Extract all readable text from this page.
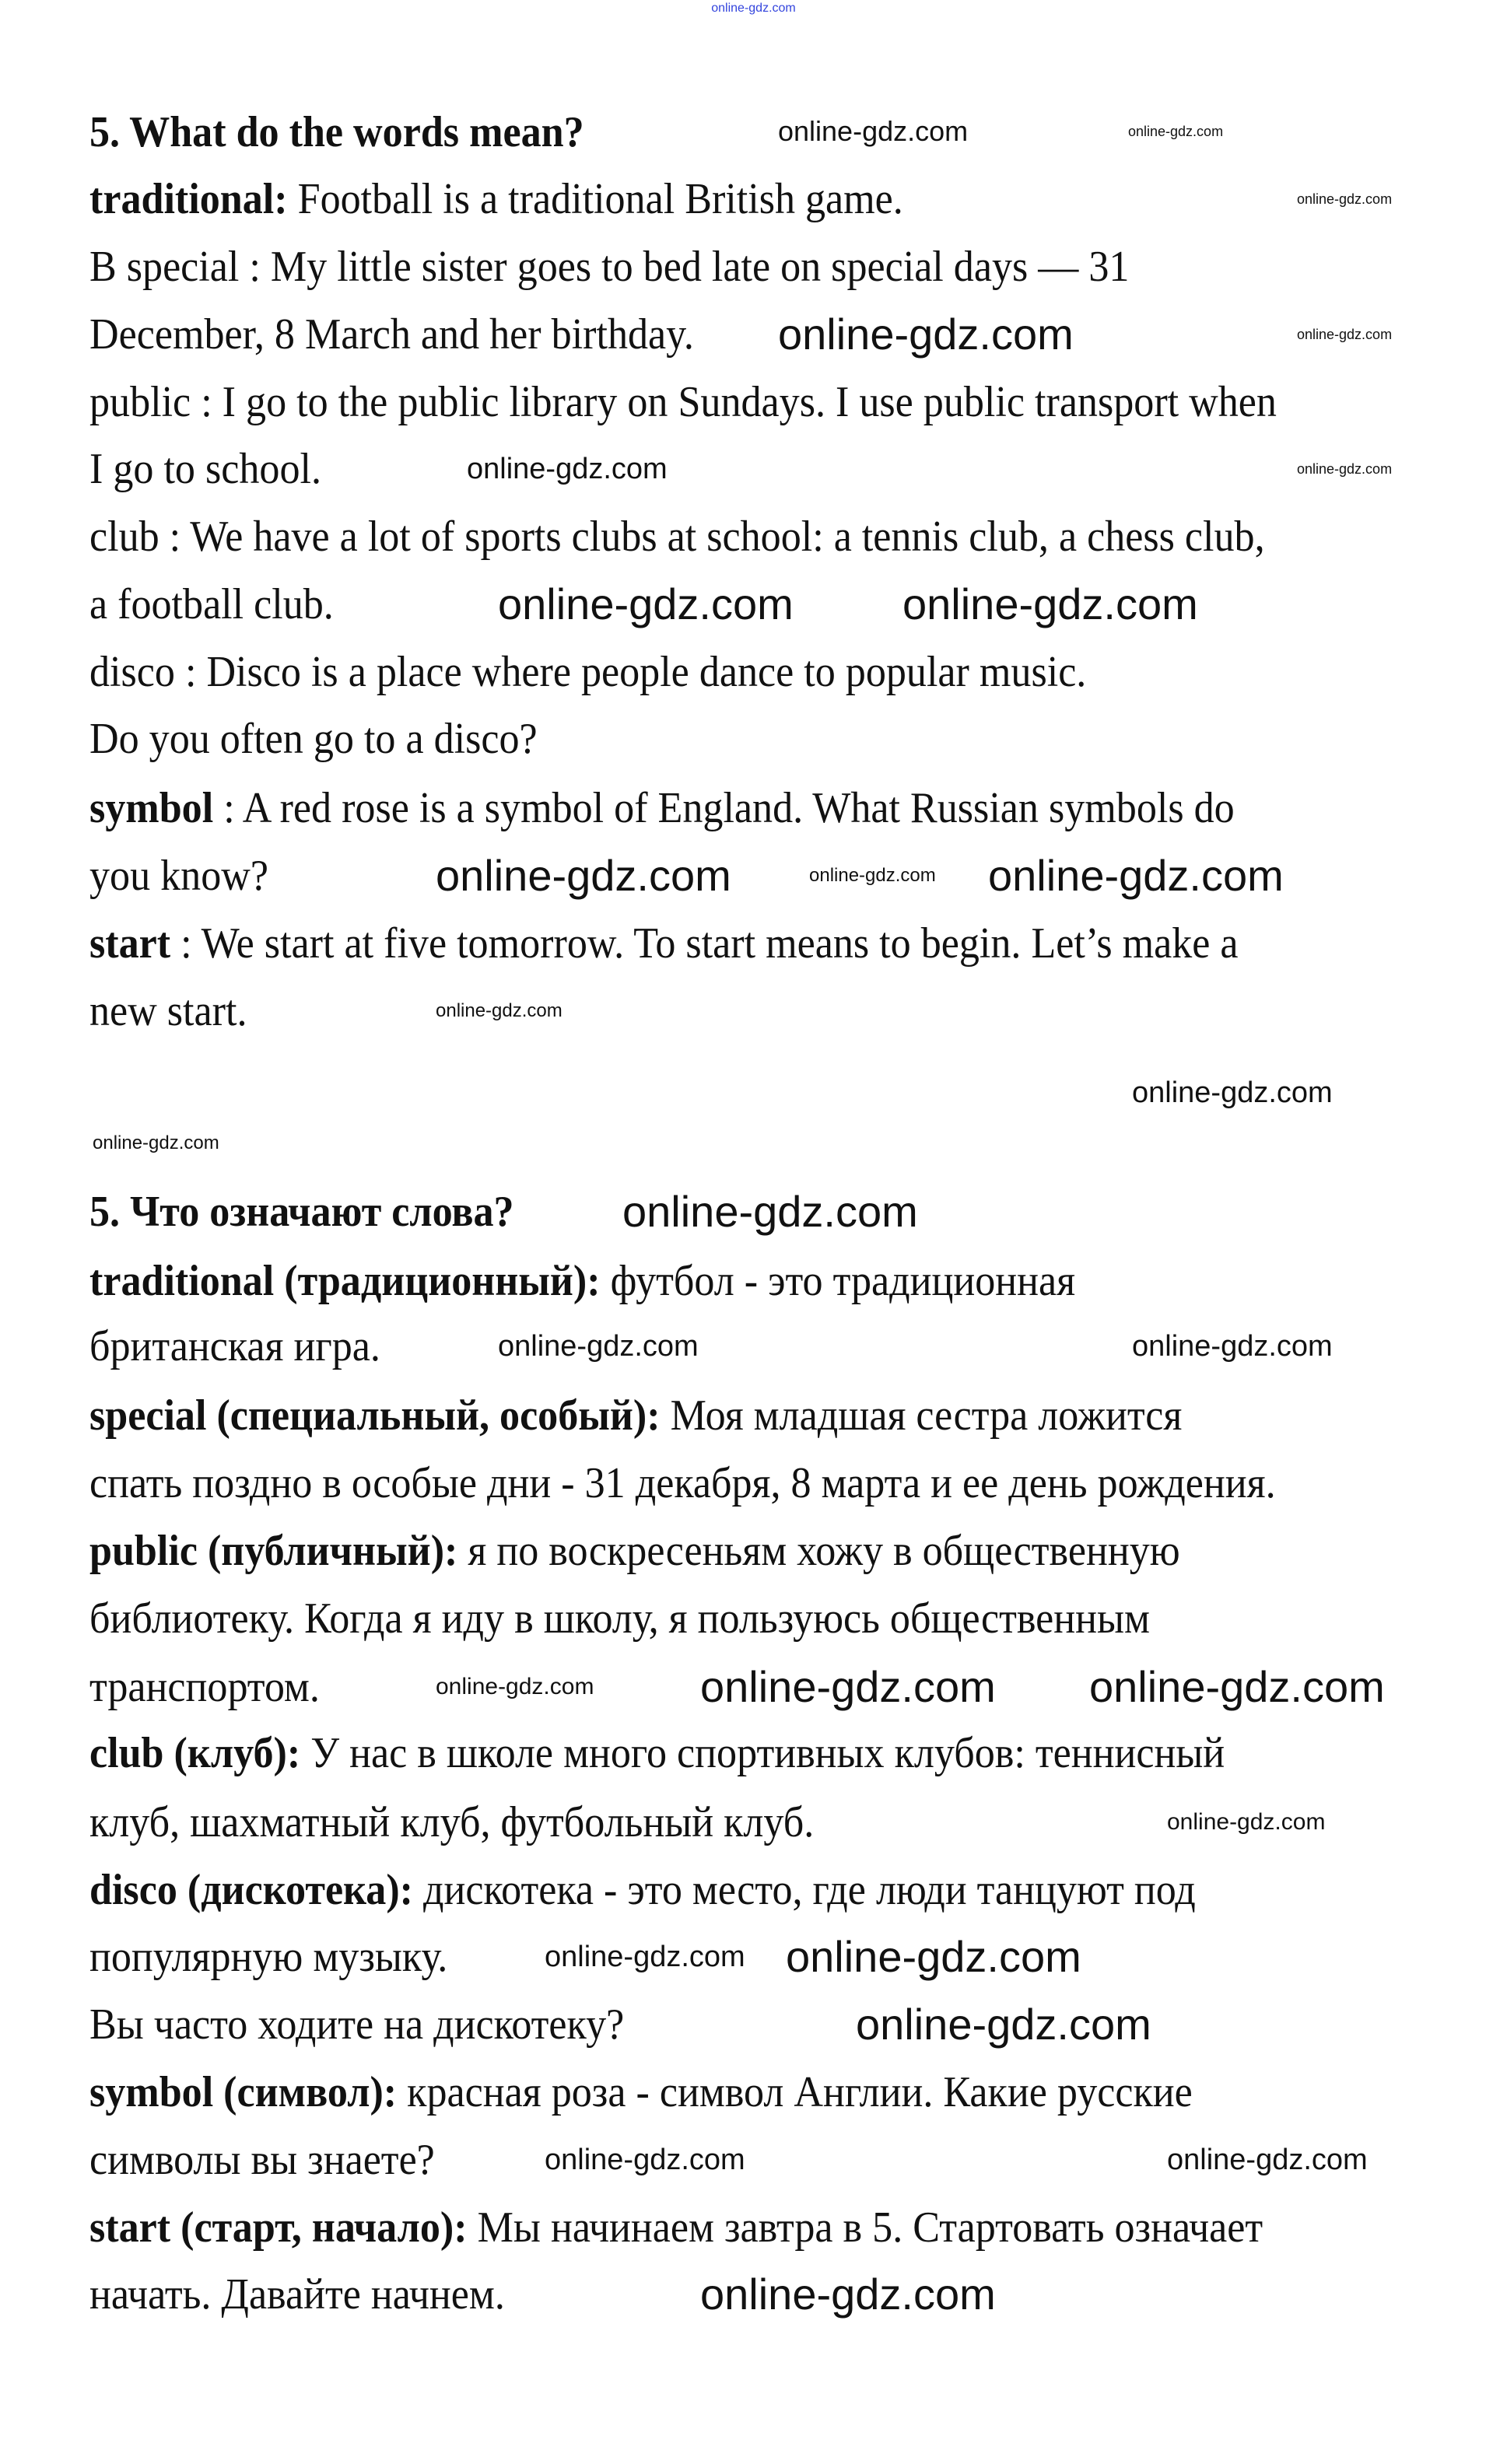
online-gdz.com
5. What do the words mean?
traditional: Football is a traditional British game.
B special : My little sister goes to bed late on special days — 31
December, 8 March and her birthday.
public : I go to the public library on Sundays. I use public transport when
I go to school.
club : We have a lot of sports clubs at school: a tennis club, a chess club,
a football club.
disco : Disco is a place where people dance to popular music.
Do you often go to a disco?
symbol : A red rose is a symbol of England. What Russian symbols do
you know?
start : We start at five tomorrow. To start means to begin. Let’s make a
new start.
5. Что означают слова?
traditional (традиционный): футбол - это традиционная
британская игра.
special (специальный, особый): Моя младшая сестра ложится
спать поздно в особые дни - 31 декабря, 8 марта и ее день рождения.
public (публичный): я по воскресеньям хожу в общественную
библиотеку. Когда я иду в школу, я пользуюсь общественным
транспортом.
club (клуб): У нас в школе много спортивных клубов: теннисный
клуб, шахматный клуб, футбольный клуб.
disco (дискотека): дискотека - это место, где люди танцуют под
популярную музыку.
Вы часто ходите на дискотеку?
symbol (символ): красная роза - символ Англии. Какие русские
символы вы знаете?
start (старт, начало): Мы начинаем завтра в 5. Стартовать означает
начать. Давайте начнем.
online-gdz.com	online-gdz.com
online-gdz.com
online-gdz.com
online-gdz.com
online-gdz.com
online-gdz.com
online-gdz.com
online-gdz.com
online-gdz.com
online-gdz.com
online-gdz.com
online-gdz.com
online-gdz.com
online-gdz.com
online-gdz.com
online-gdz.com	online-gdz.com
online-gdz.com online-gdz.com online-gdz.com
online-gdz.com
online-gdz.com online-gdz.com
online-gdz.com
online-gdz.com	online-gdz.com
online-gdz.com
